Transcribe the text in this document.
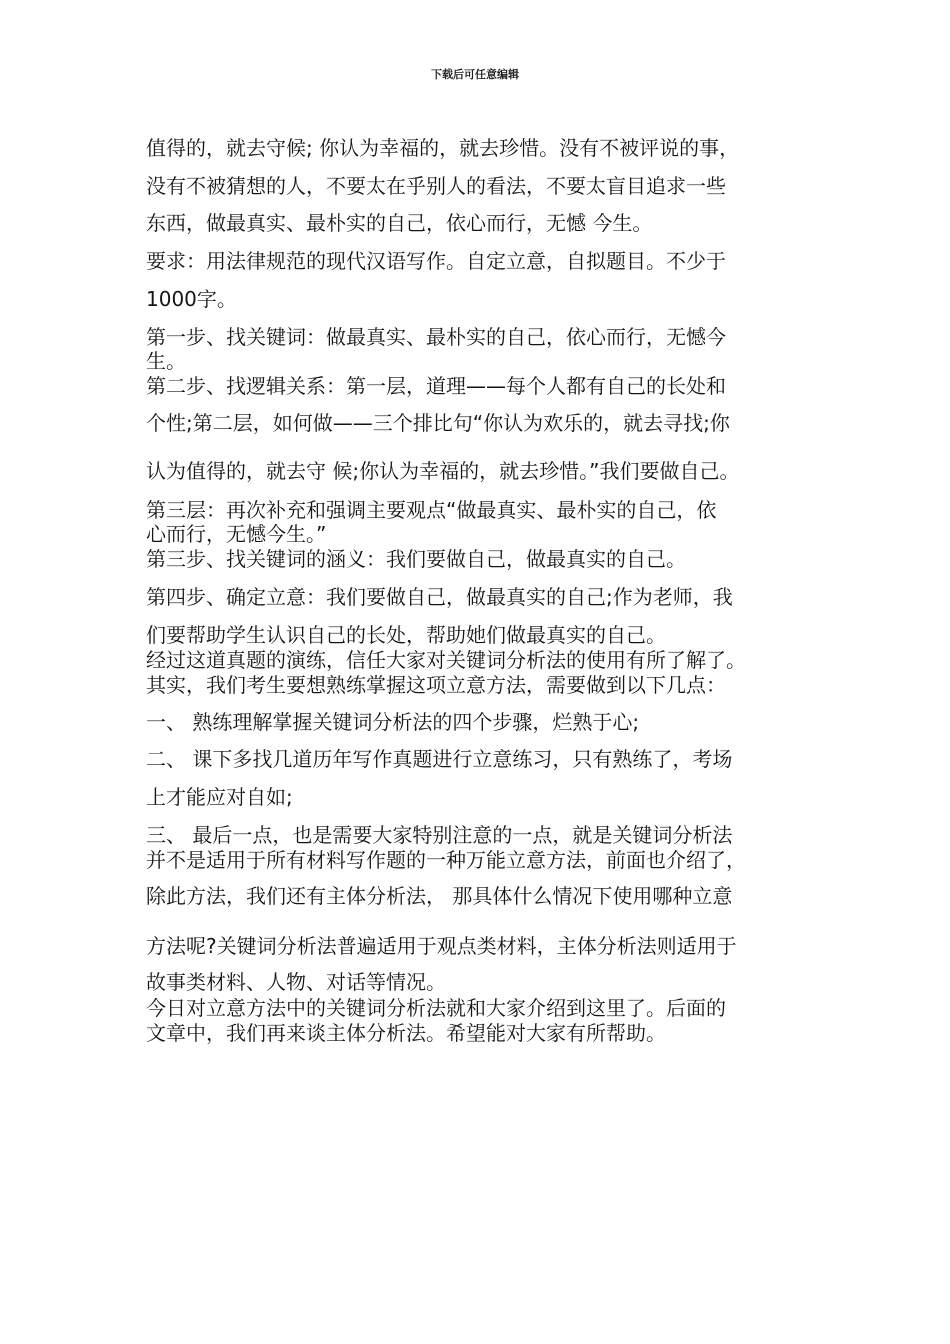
下载后可任意编辑
值得的，就去守候; 你认为幸福的，就去珍惜。没有不被评说的事，
没有不被猜想的人，不要太在乎别人的看法，不要太盲目追求一些
东西，做最真实、最朴实的自己，依心而行，无憾 今生。
要求：用法律规范的现代汉语写作。自定立意，自拟题目。不少于
1000字。
第一步、找关键词：做最真实、最朴实的自己，依心而行，无憾今
生。
第二步、找逻辑关系：第一层，道理——每个人都有自己的长处和
个性;第二层，如何做——三个排比句“你认为欢乐的，就去寻找;你
认为值得的，就去守 候;你认为幸福的，就去珍惜。”我们要做自己。
第三层：再次补充和强调主要观点“做最真实、最朴实的自己，依
心而行，无憾今生。”
第三步、找关键词的涵义：我们要做自己，做最真实的自己。
第四步、确定立意：我们要做自己，做最真实的自己;作为老师，我
们要帮助学生认识自己的长处，帮助她们做最真实的自己。
经过这道真题的演练，信任大家对关键词分析法的使用有所了解了。
其实，我们考生要想熟练掌握这项立意方法，需要做到以下几点：
一、 熟练理解掌握关键词分析法的四个步骤，烂熟于心;
二、 课下多找几道历年写作真题进行立意练习，只有熟练了，考场
上才能应对自如;
三、 最后一点，也是需要大家特别注意的一点，就是关键词分析法
并不是适用于所有材料写作题的一种万能立意方法，前面也介绍了，
除此方法，我们还有主体分析法， 那具体什么情况下使用哪种立意
方法呢?关键词分析法普遍适用于观点类材料，主体分析法则适用于
故事类材料、人物、对话等情况。
今日对立意方法中的关键词分析法就和大家介绍到这里了。后面的
文章中，我们再来谈主体分析法。希望能对大家有所帮助。
